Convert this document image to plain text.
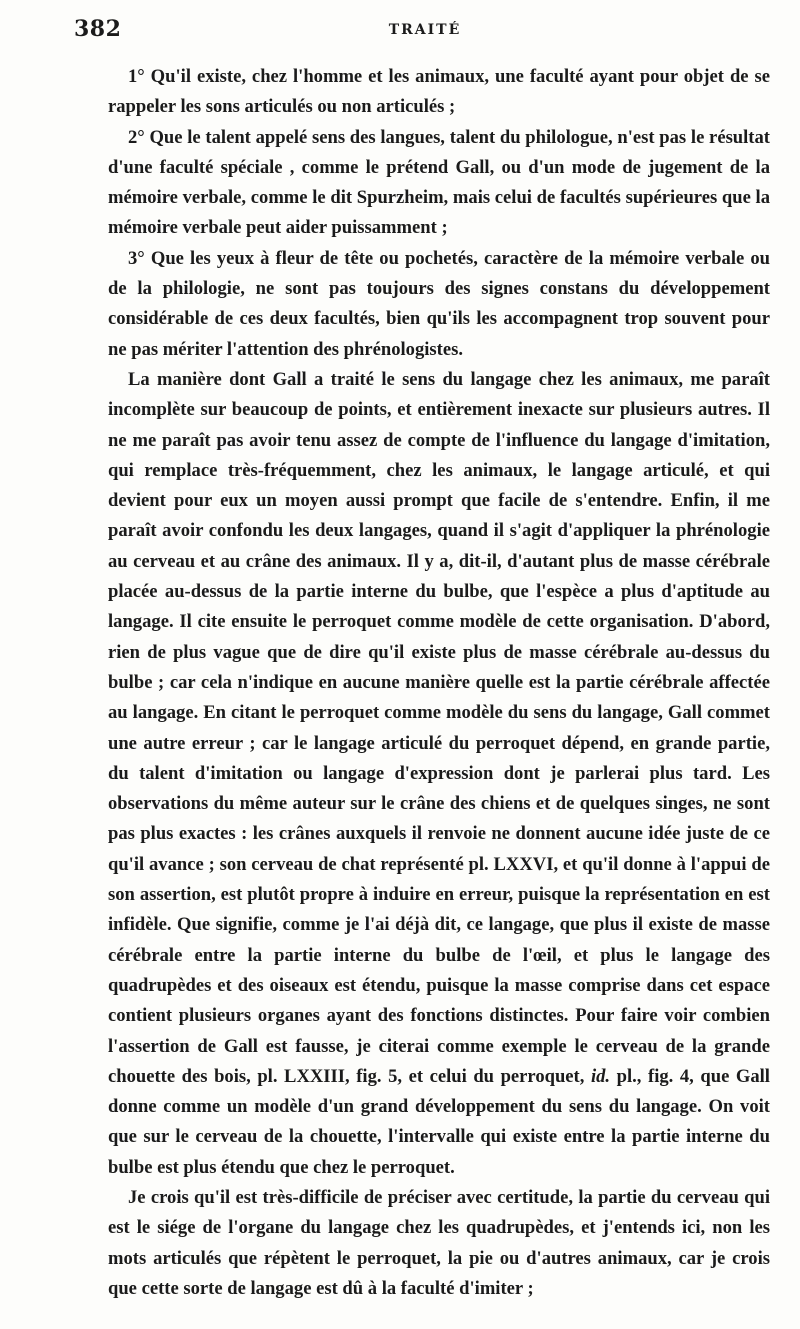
382	TRAITÉ

1° Qu'il existe, chez l'homme et les animaux, une faculté ayant pour objet de se rappeler les sons articulés ou non articulés ;

2° Que le talent appelé sens des langues, talent du philologue, n'est pas le résultat d'une faculté spéciale , comme le prétend Gall, ou d'un mode de jugement de la mémoire verbale, comme le dit Spurzheim, mais celui de facultés supérieures que la mémoire verbale peut aider puissamment ;

3° Que les yeux à fleur de tête ou pochetés, caractère de la mémoire verbale ou de la philologie, ne sont pas toujours des signes constans du développement considérable de ces deux facultés, bien qu'ils les accompagnent trop souvent pour ne pas mériter l'attention des phrénologistes.

La manière dont Gall a traité le sens du langage chez les animaux, me paraît incomplète sur beaucoup de points, et entièrement inexacte sur plusieurs autres. Il ne me paraît pas avoir tenu assez de compte de l'influence du langage d'imitation, qui remplace très-fréquemment, chez les animaux, le langage articulé, et qui devient pour eux un moyen aussi prompt que facile de s'entendre. Enfin, il me paraît avoir confondu les deux langages, quand il s'agit d'appliquer la phrénologie au cerveau et au crâne des animaux. Il y a, dit-il, d'autant plus de masse cérébrale placée au-dessus de la partie interne du bulbe, que l'espèce a plus d'aptitude au langage. Il cite ensuite le perroquet comme modèle de cette organisation. D'abord, rien de plus vague que de dire qu'il existe plus de masse cérébrale au-dessus du bulbe ; car cela n'indique en aucune manière quelle est la partie cérébrale affectée au langage. En citant le perroquet comme modèle du sens du langage, Gall commet une autre erreur ; car le langage articulé du perroquet dépend, en grande partie, du talent d'imitation ou langage d'expression dont je parlerai plus tard. Les observations du même auteur sur le crâne des chiens et de quelques singes, ne sont pas plus exactes : les crânes auxquels il renvoie ne donnent aucune idée juste de ce qu'il avance ; son cerveau de chat représenté pl. LXXVI, et qu'il donne à l'appui de son assertion, est plutôt propre à induire en erreur, puisque la représentation en est infidèle. Que signifie, comme je l'ai déjà dit, ce langage, que plus il existe de masse cérébrale entre la partie interne du bulbe de l'œil, et plus le langage des quadrupèdes et des oiseaux est étendu, puisque la masse comprise dans cet espace contient plusieurs organes ayant des fonctions distinctes. Pour faire voir combien l'assertion de Gall est fausse, je citerai comme exemple le cerveau de la grande chouette des bois, pl. LXXIII, fig. 5, et celui du perroquet, id. pl., fig. 4, que Gall donne comme un modèle d'un grand développement du sens du langage. On voit que sur le cerveau de la chouette, l'intervalle qui existe entre la partie interne du bulbe est plus étendu que chez le perroquet.

Je crois qu'il est très-difficile de préciser avec certitude, la partie du cerveau qui est le siége de l'organe du langage chez les quadrupèdes, et j'entends ici, non les mots articulés que répètent le perroquet, la pie ou d'autres animaux, car je crois que cette sorte de langage est dû à la faculté d'imiter ;
